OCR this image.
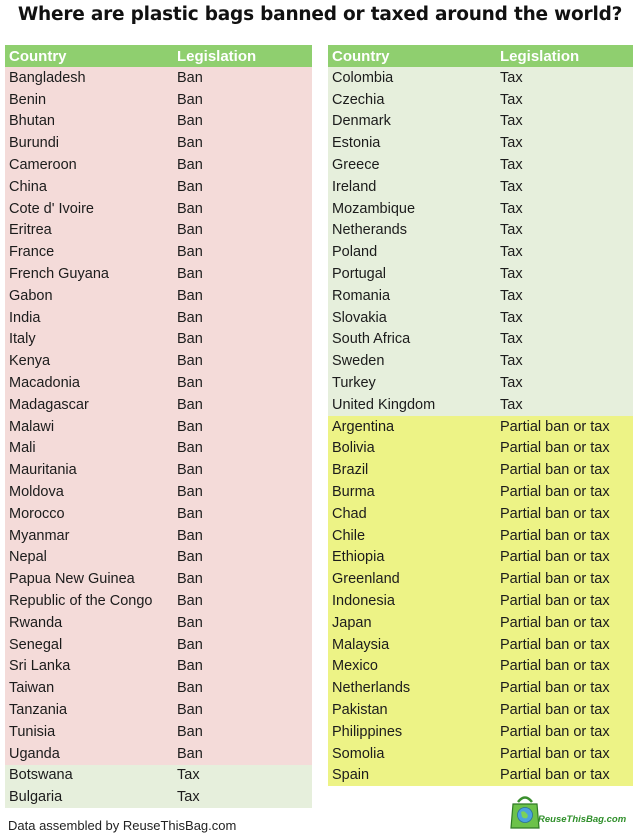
Where are plastic bags banned or taxed around the world?
Country	Legislation
Bangladesh	Ban
Benin	Ban
Bhutan	Ban
Burundi	Ban
Cameroon	Ban
China	Ban
Cote d' Ivoire	Ban
Eritrea	Ban
France	Ban
French Guyana	Ban
Gabon	Ban
India	Ban
Italy	Ban
Kenya	Ban
Macadonia	Ban
Madagascar	Ban
Malawi	Ban
Mali	Ban
Mauritania	Ban
Moldova	Ban
Morocco	Ban
Myanmar	Ban
Nepal	Ban
Papua New Guinea	Ban
Republic of the Congo	Ban
Rwanda	Ban
Senegal	Ban
Sri Lanka	Ban
Taiwan	Ban
Tanzania	Ban
Tunisia	Ban
Uganda	Ban
Botswana	Tax
Bulgaria	Tax
Country	Legislation
Colombia	Tax
Czechia	Tax
Denmark	Tax
Estonia	Tax
Greece	Tax
Ireland	Tax
Mozambique	Tax
Netherands	Tax
Poland	Tax
Portugal	Tax
Romania	Tax
Slovakia	Tax
South Africa	Tax
Sweden	Tax
Turkey	Tax
United Kingdom	Tax
Argentina	Partial ban or tax
Bolivia	Partial ban or tax
Brazil	Partial ban or tax
Burma	Partial ban or tax
Chad	Partial ban or tax
Chile	Partial ban or tax
Ethiopia	Partial ban or tax
Greenland	Partial ban or tax
Indonesia	Partial ban or tax
Japan	Partial ban or tax
Malaysia	Partial ban or tax
Mexico	Partial ban or tax
Netherlands	Partial ban or tax
Pakistan	Partial ban or tax
Philippines	Partial ban or tax
Somolia	Partial ban or tax
Spain	Partial ban or tax
Data assembled by ReuseThisBag.com	ReuseThisBag.com
